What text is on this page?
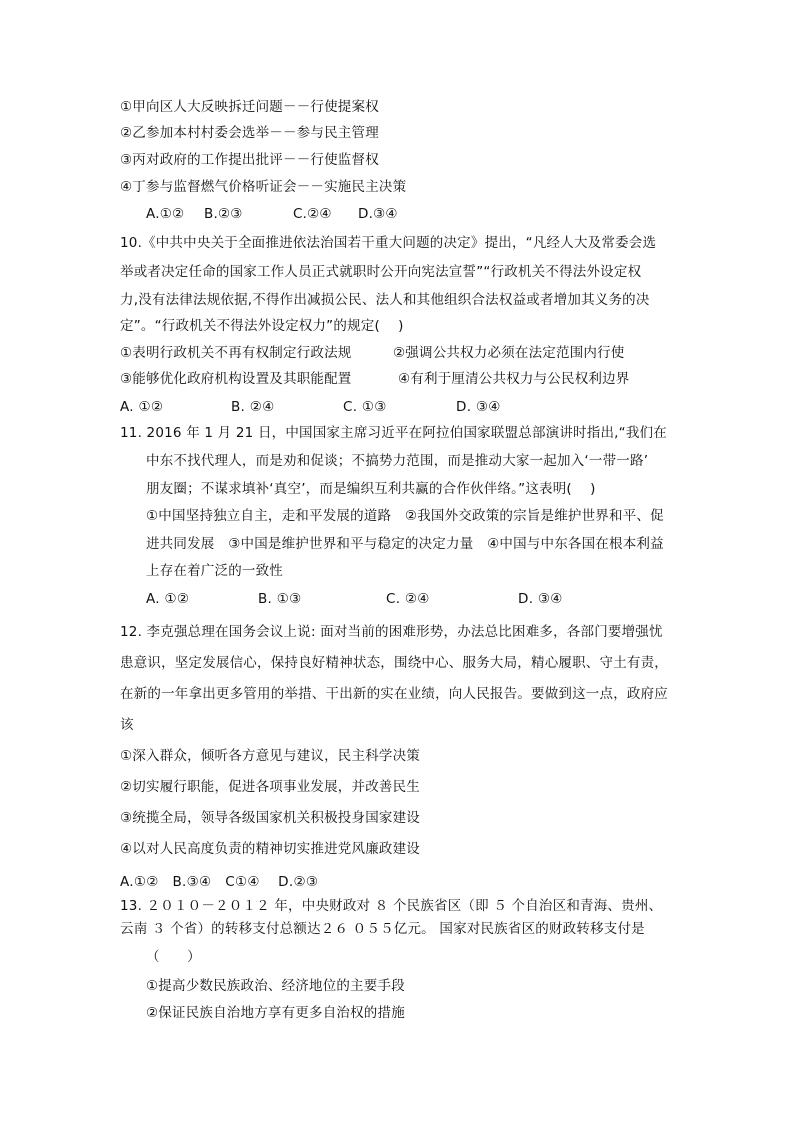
①甲向区人大反映拆迁问题－－行使提案权
②乙参加本村村委会选举－－参与民主管理
③丙对政府的工作提出批评－－行使监督权
④丁参与监督燃气价格听证会－－实施民主决策
A.①② B.②③	C.②④ D.③④
10.《中共中央关于全面推进依法治国若干重大问题的决定》提出，“凡经人大及常委会选
举或者决定任命的国家工作人员正式就职时公开向宪法宣誓”“行政机关不得法外设定权
力,没有法律法规依据,不得作出减损公民、法人和其他组织合法权益或者增加其义务的决
定”。“行政机关不得法外设定权力”的规定(　 )
①表明行政机关不再有权制定行政法规	②强调公共权力必须在法定范围内行使
③能够优化政府机构设置及其职能配置	④有利于厘清公共权力与公民权利边界
A. ①②	B. ②④	C. ①③	D. ③④
11. 2016 年 1 月 21 日，中国国家主席习近平在阿拉伯国家联盟总部演讲时指出,“我们在
中东不找代理人，而是劝和促谈；不搞势力范围，而是推动大家一起加入‘一带一路’
朋友圈；不谋求填补‘真空’，而是编织互利共赢的合作伙伴络。”这表明(　 )
①中国坚持独立自主，走和平发展的道路　②我国外交政策的宗旨是维护世界和平、促
进共同发展　③中国是维护世界和平与稳定的决定力量　④中国与中东各国在根本利益
上存在着广泛的一致性
A. ①②	B. ①③	C. ②④	D. ③④
12. 李克强总理在国务会议上说: 面对当前的困难形势，办法总比困难多，各部门要增强忧
患意识，坚定发展信心，保持良好精神状态，围绕中心、服务大局，精心履职、守土有责，
在新的一年拿出更多管用的举措、干出新的实在业绩，向人民报告。要做到这一点，政府应
该
①深入群众，倾听各方意见与建议，民主科学决策
②切实履行职能，促进各项事业发展，并改善民生
③统揽全局，领导各级国家机关积极投身国家建设
④以对人民高度负责的精神切实推进党风廉政建设
A.①②　B.③④　C①④　 D.②③
13. ２０１０－２０１２ 年，中央财政对 ８ 个民族省区（即 ５ 个自治区和青海、贵州、
云南 ３ 个省）的转移支付总额达２６ ０５５亿元。 国家对民族省区的财政转移支付是
（　　）
①提高少数民族政治、经济地位的主要手段
②保证民族自治地方享有更多自治权的措施
